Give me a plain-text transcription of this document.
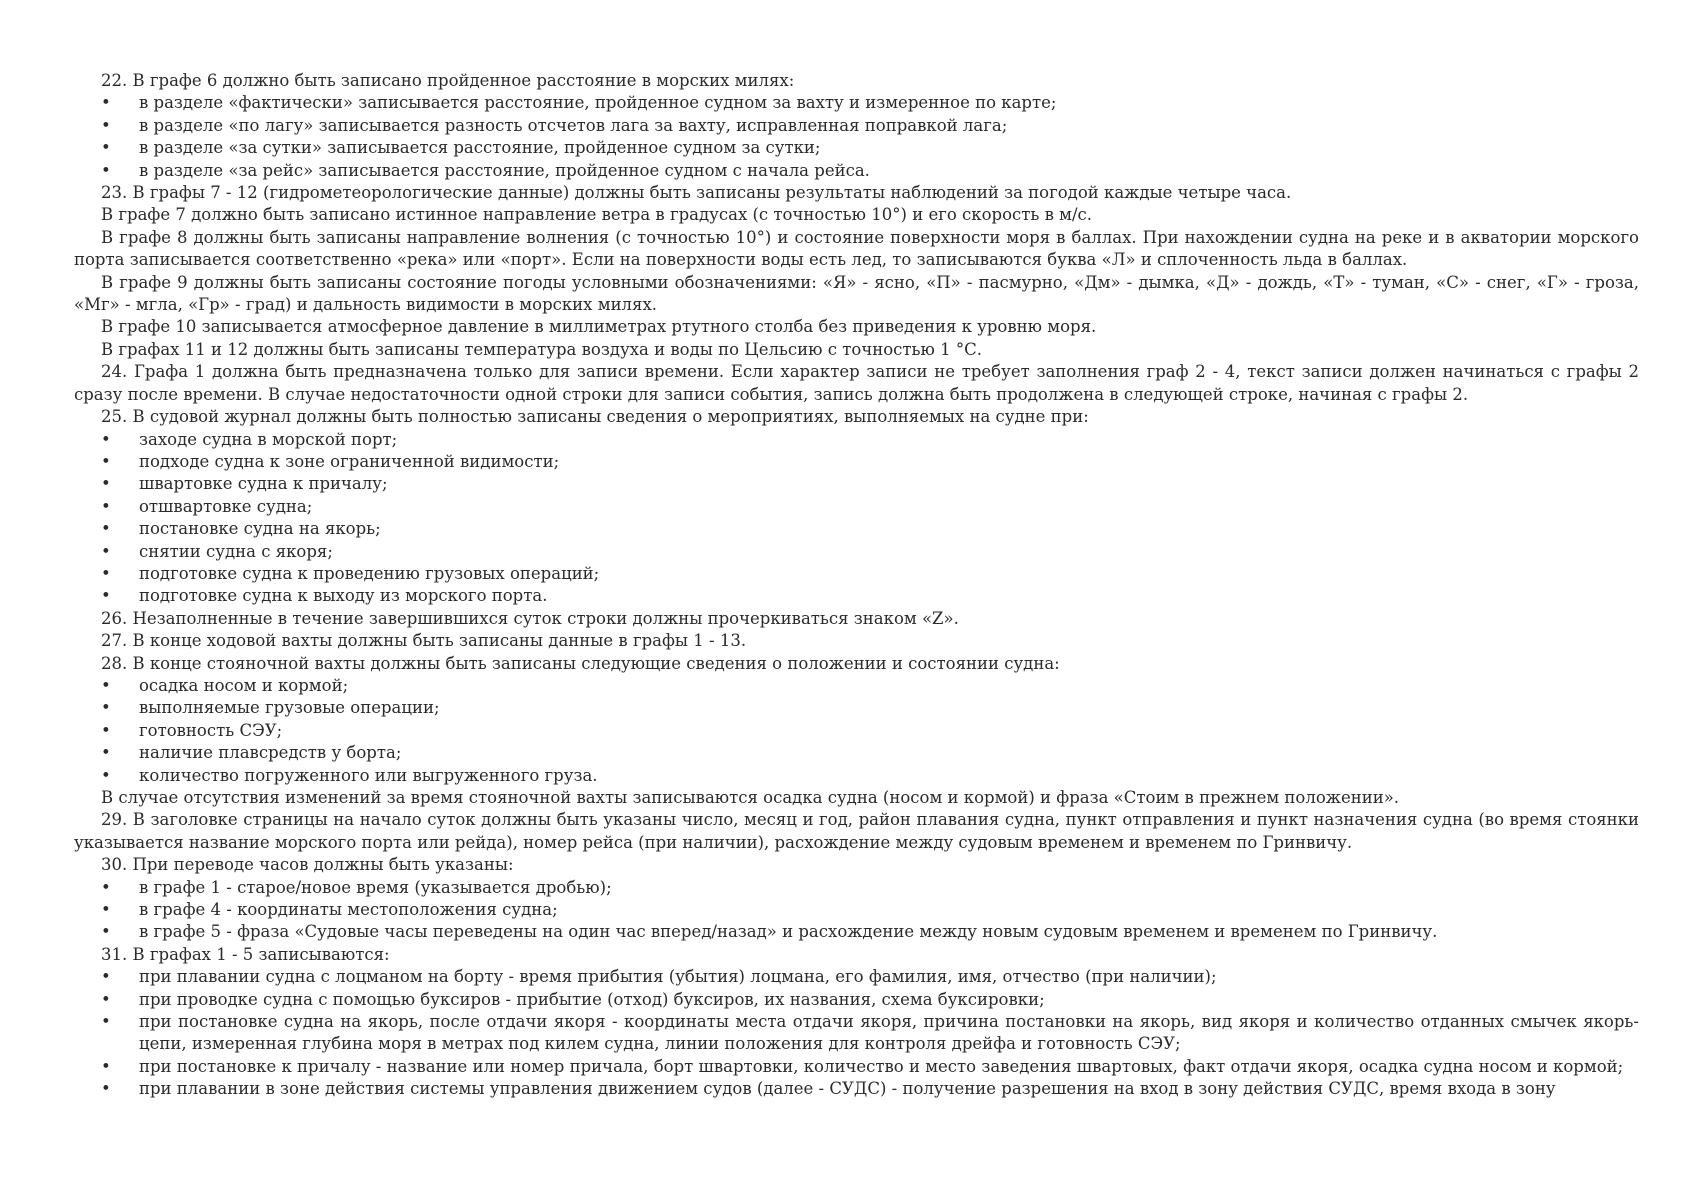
22. В графе 6 должно быть записано пройденное расстояние в морских милях:
• в разделе «фактически» записывается расстояние, пройденное судном за вахту и измеренное по карте;
• в разделе «по лагу» записывается разность отсчетов лага за вахту, исправленная поправкой лага;
• в разделе «за сутки» записывается расстояние, пройденное судном за сутки;
• в разделе «за рейс» записывается расстояние, пройденное судном с начала рейса.
23. В графы 7 - 12 (гидрометеорологические данные) должны быть записаны результаты наблюдений за погодой каждые четыре часа.
В графе 7 должно быть записано истинное направление ветра в градусах (с точностью 10°) и его скорость в м/с.
В графе 8 должны быть записаны направление волнения (с точностью 10°) и состояние поверхности моря в баллах. При нахождении судна на реке и в акватории морского порта записывается соответственно «река» или «порт». Если на поверхности воды есть лед, то записываются буква «Л» и сплоченность льда в баллах.
В графе 9 должны быть записаны состояние погоды условными обозначениями: «Я» - ясно, «П» - пасмурно, «Дм» - дымка, «Д» - дождь, «Т» - туман, «С» - снег, «Г» - гроза, «Мг» - мгла, «Гр» - град) и дальность видимости в морских милях.
В графе 10 записывается атмосферное давление в миллиметрах ртутного столба без приведения к уровню моря.
В графах 11 и 12 должны быть записаны температура воздуха и воды по Цельсию с точностью 1 °С.
24. Графа 1 должна быть предназначена только для записи времени. Если характер записи не требует заполнения граф 2 - 4, текст записи должен начинаться с графы 2 сразу после времени. В случае недостаточности одной строки для записи события, запись должна быть продолжена в следующей строке, начиная с графы 2.
25. В судовой журнал должны быть полностью записаны сведения о мероприятиях, выполняемых на судне при:
• заходе судна в морской порт;
• подходе судна к зоне ограниченной видимости;
• швартовке судна к причалу;
• отшвартовке судна;
• постановке судна на якорь;
• снятии судна с якоря;
• подготовке судна к проведению грузовых операций;
• подготовке судна к выходу из морского порта.
26. Незаполненные в течение завершившихся суток строки должны прочеркиваться знаком «Z».
27. В конце ходовой вахты должны быть записаны данные в графы 1 - 13.
28. В конце стояночной вахты должны быть записаны следующие сведения о положении и состоянии судна:
• осадка носом и кормой;
• выполняемые грузовые операции;
• готовность СЭУ;
• наличие плавсредств у борта;
• количество погруженного или выгруженного груза.
В случае отсутствия изменений за время стояночной вахты записываются осадка судна (носом и кормой) и фраза «Стоим в прежнем положении».
29. В заголовке страницы на начало суток должны быть указаны число, месяц и год, район плавания судна, пункт отправления и пункт назначения судна (во время стоянки указывается название морского порта или рейда), номер рейса (при наличии), расхождение между судовым временем и временем по Гринвичу.
30. При переводе часов должны быть указаны:
• в графе 1 - старое/новое время (указывается дробью);
• в графе 4 - координаты местоположения судна;
• в графе 5 - фраза «Судовые часы переведены на один час вперед/назад» и расхождение между новым судовым временем и временем по Гринвичу.
31. В графах 1 - 5 записываются:
• при плавании судна с лоцманом на борту - время прибытия (убытия) лоцмана, его фамилия, имя, отчество (при наличии);
• при проводке судна с помощью буксиров - прибытие (отход) буксиров, их названия, схема буксировки;
• при постановке судна на якорь, после отдачи якоря - координаты места отдачи якоря, причина постановки на якорь, вид якоря и количество отданных смычек якорь-цепи, измеренная глубина моря в метрах под килем судна, линии положения для контроля дрейфа и готовность СЭУ;
• при постановке к причалу - название или номер причала, борт швартовки, количество и место заведения швартовых, факт отдачи якоря, осадка судна носом и кормой;
• при плавании в зоне действия системы управления движением судов (далее - СУДС) - получение разрешения на вход в зону действия СУДС, время входа в зону
